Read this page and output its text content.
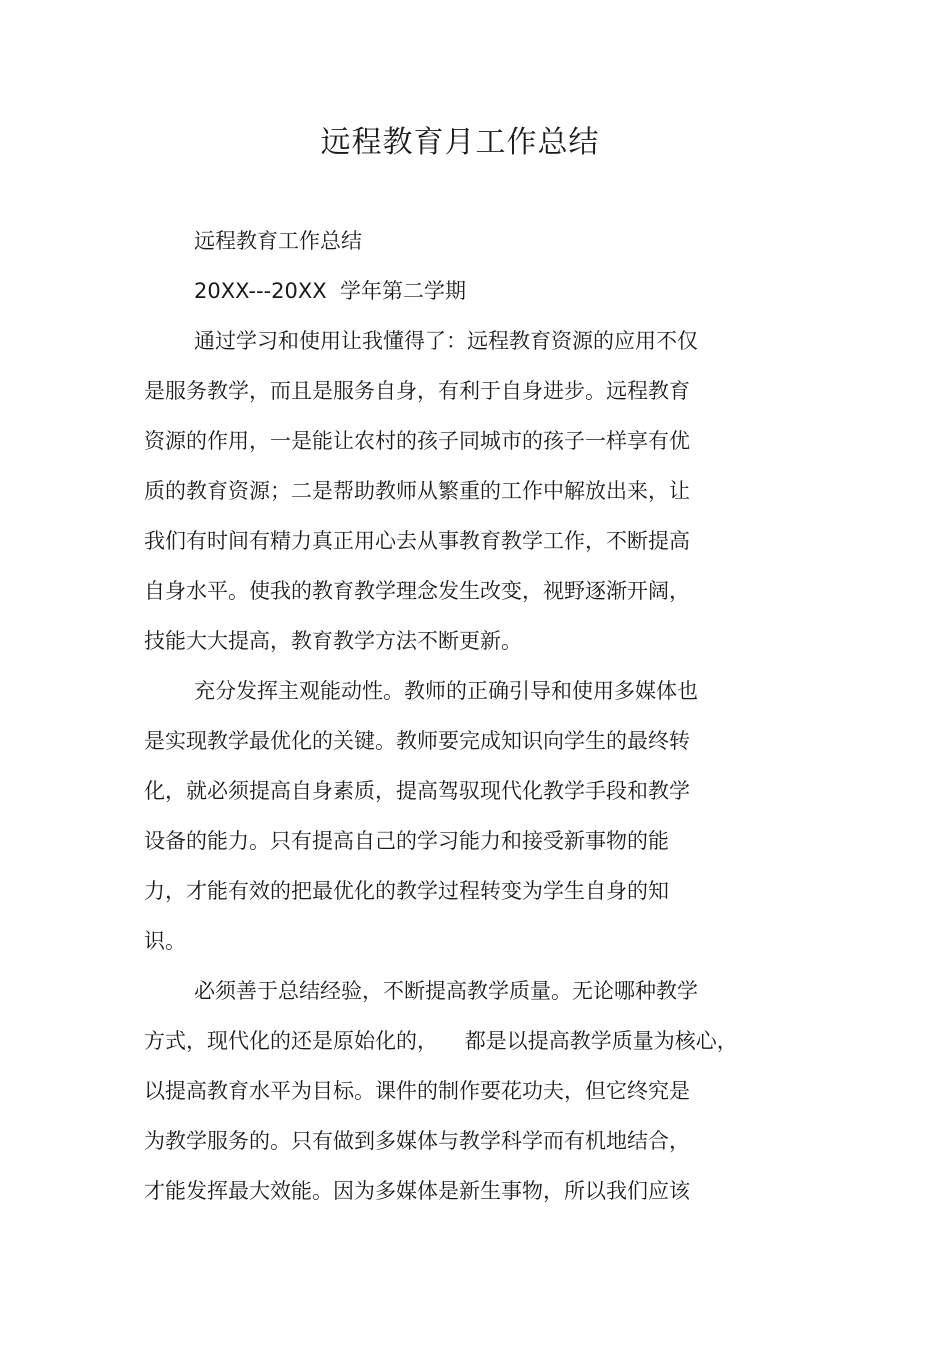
远程教育月工作总结
远程教育工作总结
20XX---20XX  学年第二学期
通过学习和使用让我懂得了：远程教育资源的应用不仅
是服务教学，而且是服务自身，有利于自身进步。远程教育
资源的作用，一是能让农村的孩子同城市的孩子一样享有优
质的教育资源；二是帮助教师从繁重的工作中解放出来，让
我们有时间有精力真正用心去从事教育教学工作，不断提高
自身水平。使我的教育教学理念发生改变，视野逐渐开阔，
技能大大提高，教育教学方法不断更新。
充分发挥主观能动性。教师的正确引导和使用多媒体也
是实现教学最优化的关键。教师要完成知识向学生的最终转
化，就必须提高自身素质，提高驾驭现代化教学手段和教学
设备的能力。只有提高自己的学习能力和接受新事物的能
力，才能有效的把最优化的教学过程转变为学生自身的知
识。
必须善于总结经验，不断提高教学质量。无论哪种教学
方式，现代化的还是原始化的，    都是以提高教学质量为核心，
以提高教育水平为目标。课件的制作要花功夫，但它终究是
为教学服务的。只有做到多媒体与教学科学而有机地结合，
才能发挥最大效能。因为多媒体是新生事物，所以我们应该
